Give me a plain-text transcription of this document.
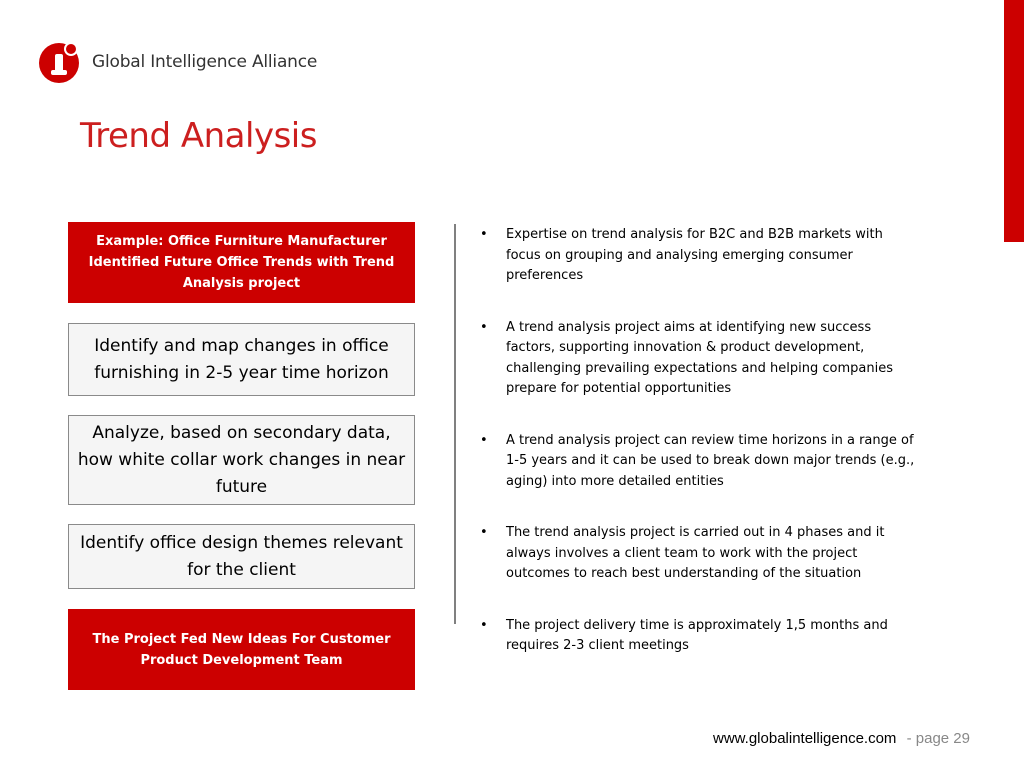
Global Intelligence Alliance
Trend Analysis
Example: Office Furniture Manufacturer Identified Future Office Trends with Trend Analysis project
Identify and map changes in office furnishing in 2-5 year time horizon
Analyze, based on secondary data, how white collar work changes in near future
Identify office design themes relevant for the client
The Project Fed New Ideas For Customer Product Development Team
• Expertise on trend analysis for B2C and B2B markets with focus on grouping and analysing emerging consumer preferences
• A trend analysis project aims at identifying new success factors, supporting innovation & product development, challenging prevailing expectations and helping companies prepare for potential opportunities
• A trend analysis project can review time horizons in a range of 1-5 years and it can be used to break down major trends (e.g., aging) into more detailed entities
• The trend analysis project is carried out in 4 phases and it always involves a client team to work with the project outcomes to reach best understanding of the situation
• The project delivery time is approximately 1,5 months and requires 2-3 client meetings
www.globalintelligence.com - page 29
